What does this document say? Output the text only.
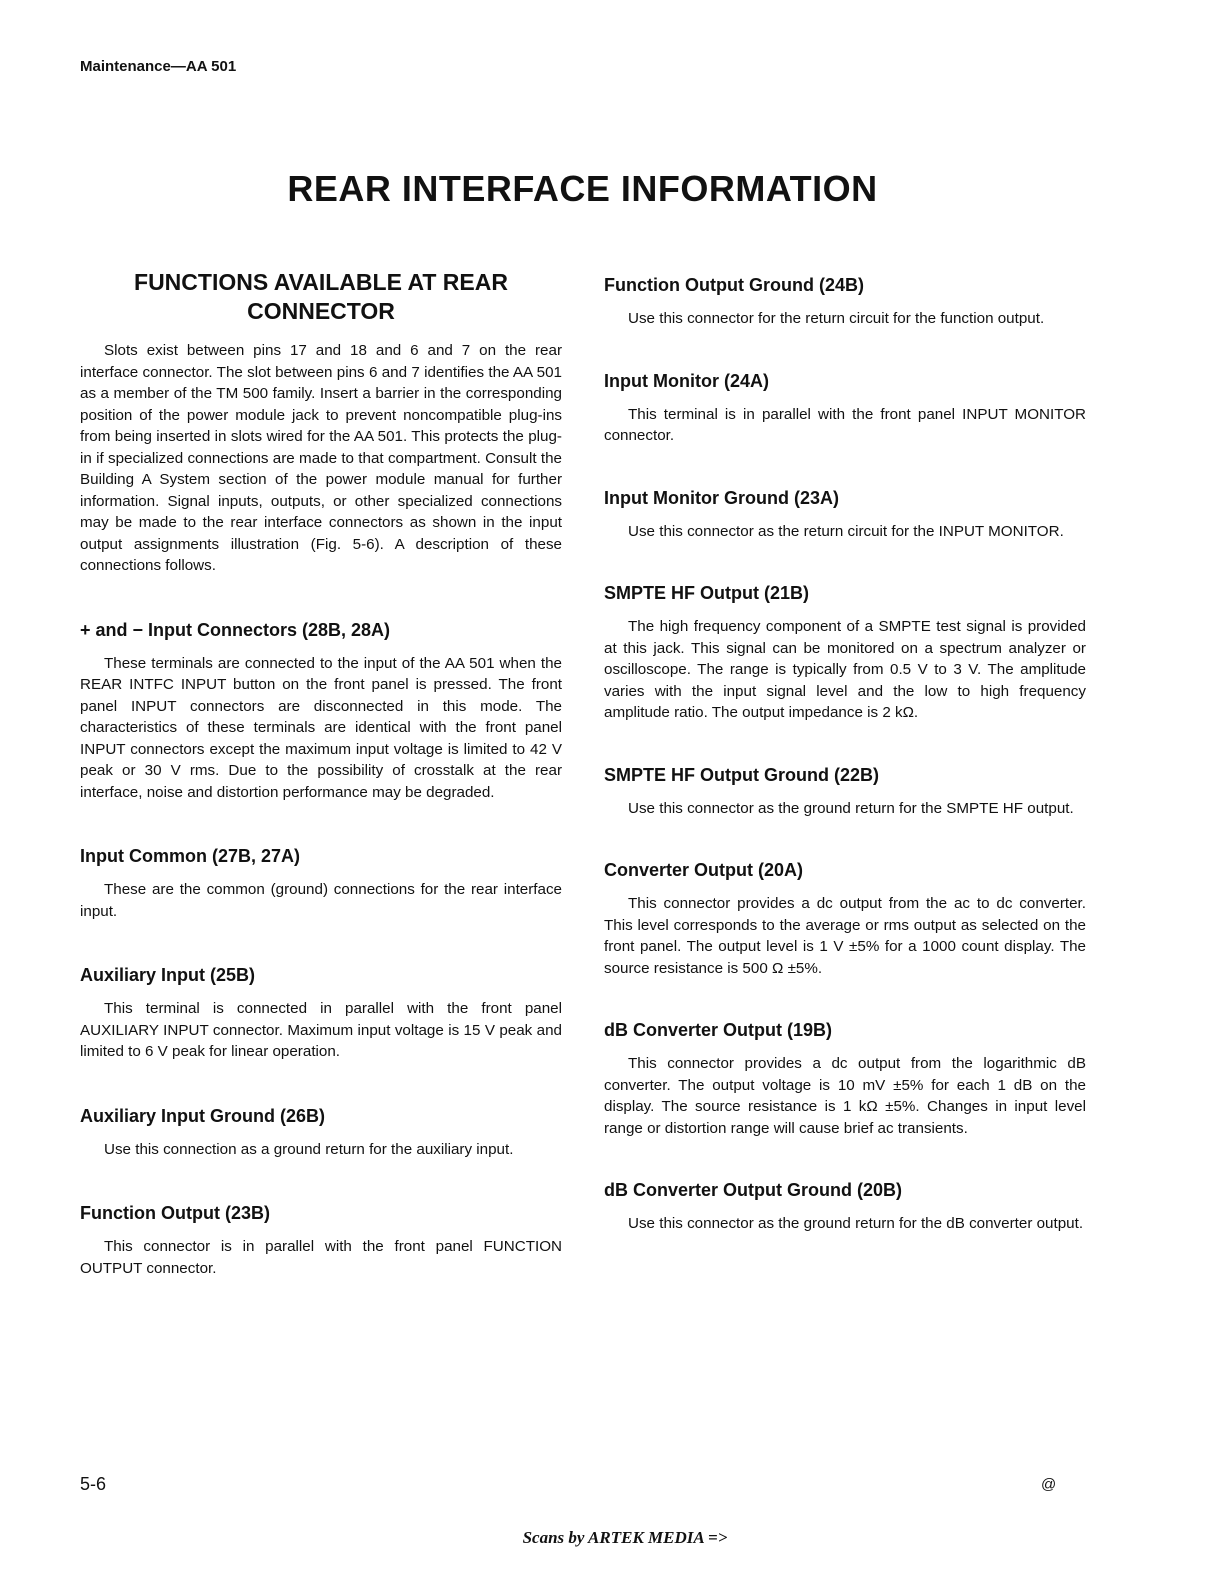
Maintenance—AA 501
REAR INTERFACE INFORMATION
FUNCTIONS AVAILABLE AT REAR CONNECTOR

Slots exist between pins 17 and 18 and 6 and 7 on the rear interface connector. The slot between pins 6 and 7 identifies the AA 501 as a member of the TM 500 family. Insert a barrier in the corresponding position of the power module jack to prevent noncompatible plug-ins from being inserted in slots wired for the AA 501. This protects the plug-in if specialized connections are made to that compartment. Consult the Building A System section of the power module manual for further information. Signal inputs, outputs, or other specialized connections may be made to the rear interface connectors as shown in the input output assignments illustration (Fig. 5-6). A description of these connections follows.

+ and − Input Connectors (28B, 28A)

These terminals are connected to the input of the AA 501 when the REAR INTFC INPUT button on the front panel is pressed. The front panel INPUT connectors are disconnected in this mode. The characteristics of these terminals are identical with the front panel INPUT connectors except the maximum input voltage is limited to 42 V peak or 30 V rms. Due to the possibility of crosstalk at the rear interface, noise and distortion performance may be degraded.

Input Common (27B, 27A)

These are the common (ground) connections for the rear interface input.

Auxiliary Input (25B)

This terminal is connected in parallel with the front panel AUXILIARY INPUT connector. Maximum input voltage is 15 V peak and limited to 6 V peak for linear operation.

Auxiliary Input Ground (26B)

Use this connection as a ground return for the auxiliary input.

Function Output (23B)

This connector is in parallel with the front panel FUNCTION OUTPUT connector.

Function Output Ground (24B)

Use this connector for the return circuit for the function output.

Input Monitor (24A)

This terminal is in parallel with the front panel INPUT MONITOR connector.

Input Monitor Ground (23A)

Use this connector as the return circuit for the INPUT MONITOR.

SMPTE HF Output (21B)

The high frequency component of a SMPTE test signal is provided at this jack. This signal can be monitored on a spectrum analyzer or oscilloscope. The range is typically from 0.5 V to 3 V. The amplitude varies with the input signal level and the low to high frequency amplitude ratio. The output impedance is 2 kΩ.

SMPTE HF Output Ground (22B)

Use this connector as the ground return for the SMPTE HF output.

Converter Output (20A)

This connector provides a dc output from the ac to dc converter. This level corresponds to the average or rms output as selected on the front panel. The output level is 1 V ±5% for a 1000 count display. The source resistance is 500 Ω ±5%.

dB Converter Output (19B)

This connector provides a dc output from the logarithmic dB converter. The output voltage is 10 mV ±5% for each 1 dB on the display. The source resistance is 1 kΩ ±5%. Changes in input level range or distortion range will cause brief ac transients.

dB Converter Output Ground (20B)

Use this connector as the ground return for the dB converter output.

5-6	@
Scans by ARTEK MEDIA =>
